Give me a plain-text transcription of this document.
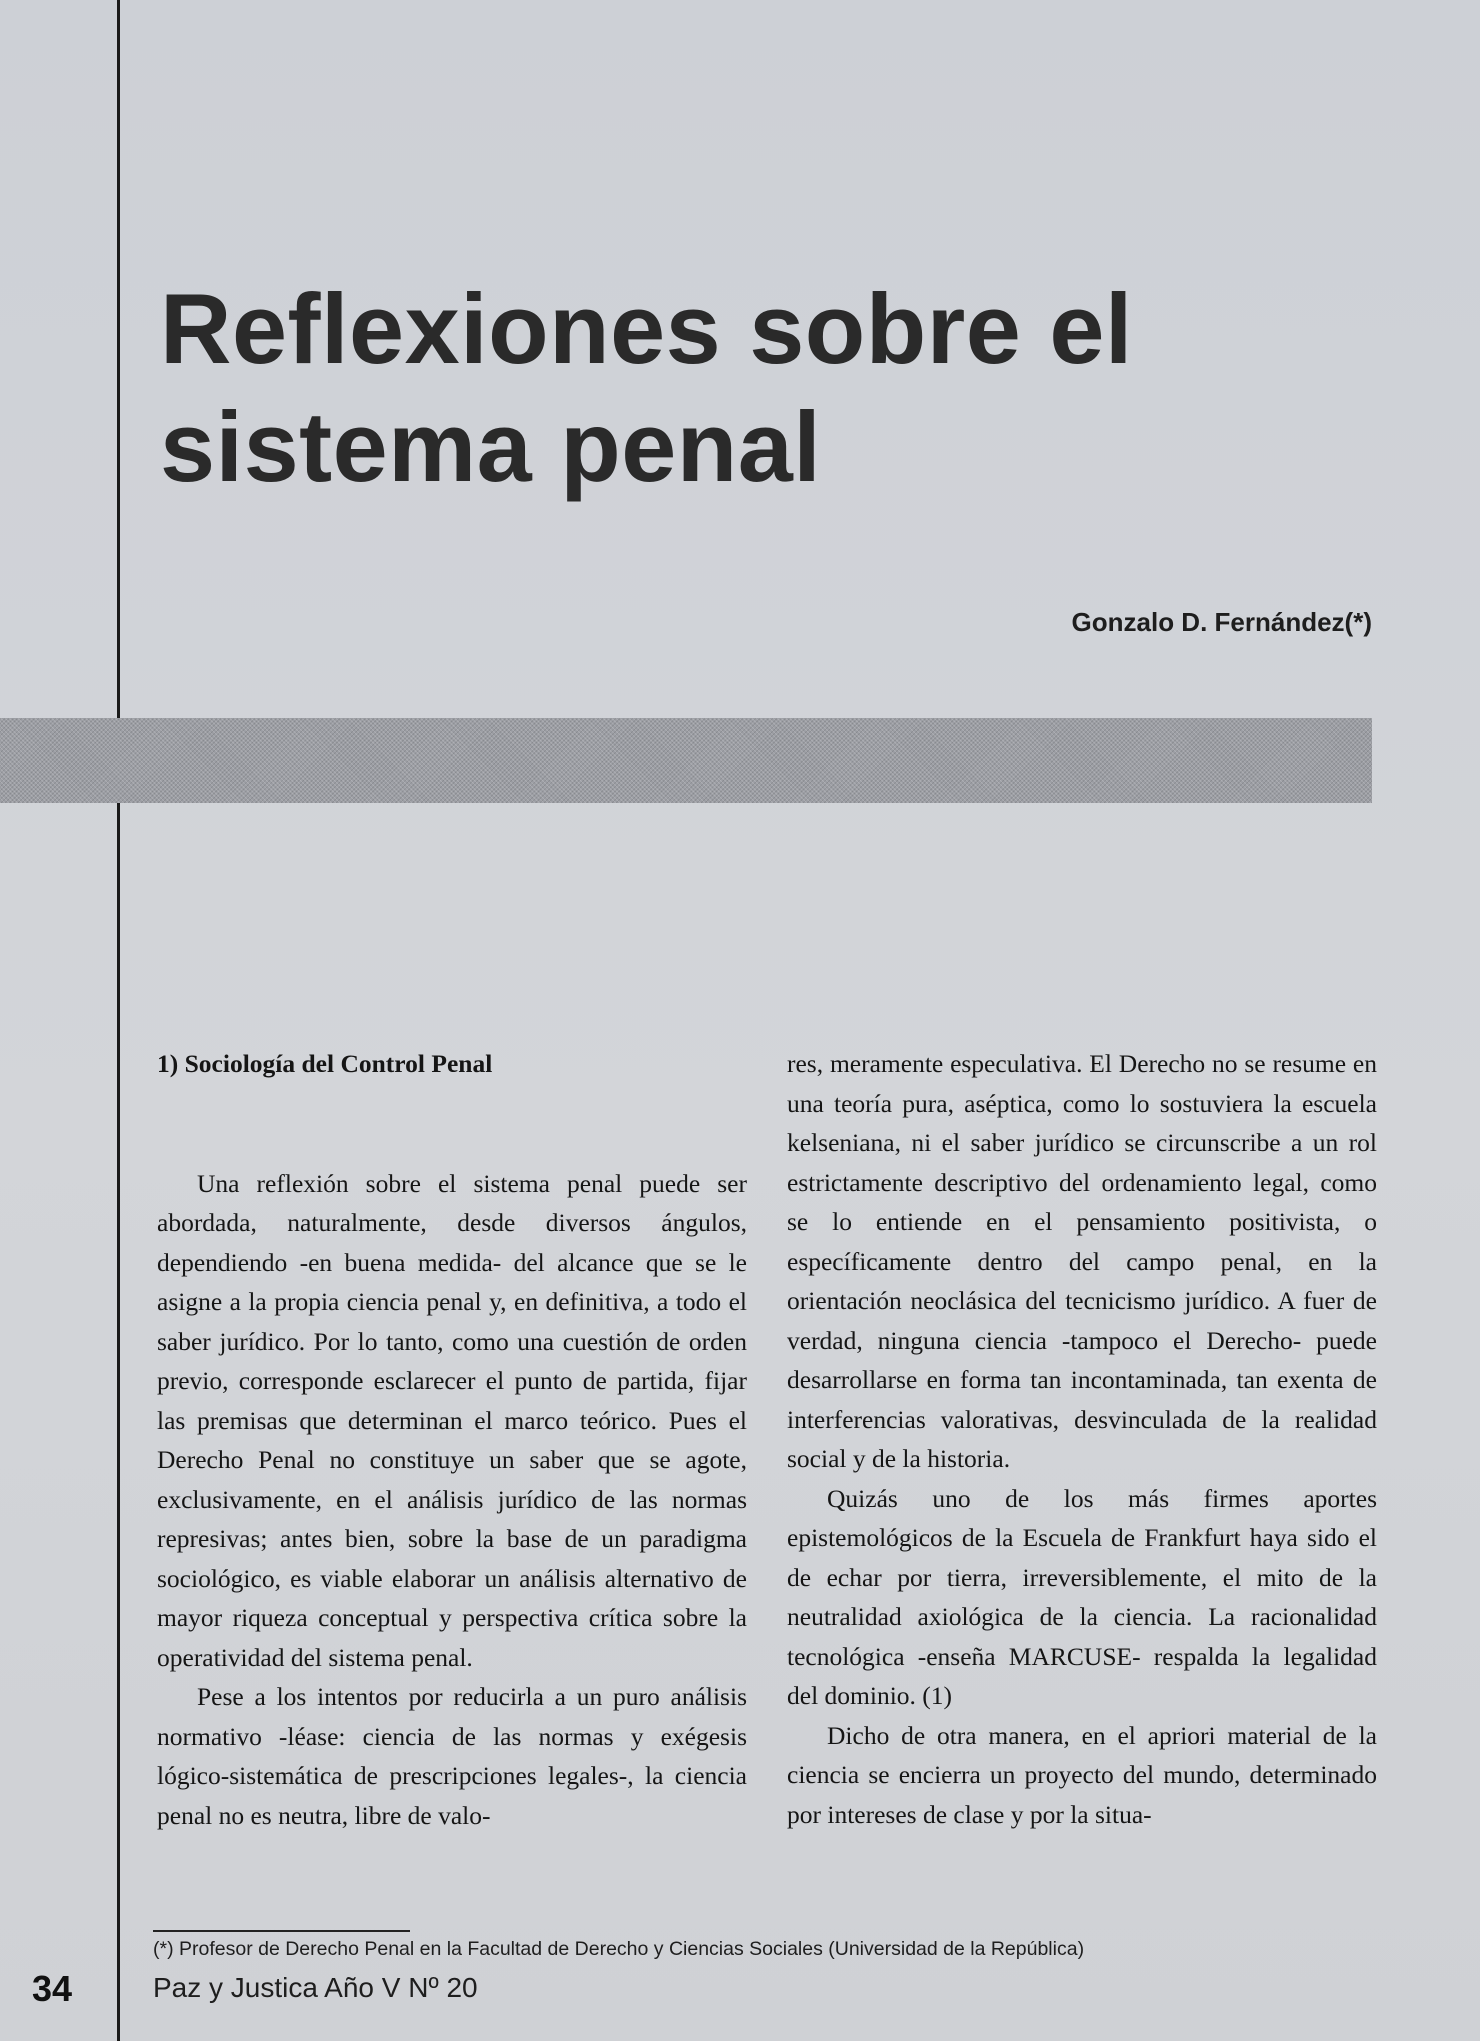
Reflexiones sobre el
sistema penal
Gonzalo D. Fernández(*)
1) Sociología del Control Penal

Una reflexión sobre el sistema penal puede ser abordada, naturalmente, desde diversos ángulos, dependiendo -en buena medida- del alcance que se le asigne a la propia ciencia penal y, en definitiva, a todo el saber jurídico. Por lo tanto, como una cuestión de orden previo, corresponde esclarecer el punto de partida, fijar las premisas que determinan el marco teórico. Pues el Derecho Penal no constituye un saber que se agote, exclusivamente, en el análisis jurídico de las normas represivas; antes bien, sobre la base de un paradigma sociológico, es viable elaborar un análisis alternativo de mayor riqueza conceptual y perspectiva crítica sobre la operatividad del sistema penal.

Pese a los intentos por reducirla a un puro análisis normativo -léase: ciencia de las normas y exégesis lógico-sistemática de prescripciones legales-, la ciencia penal no es neutra, libre de valo-

res, meramente especulativa. El Derecho no se resume en una teoría pura, aséptica, como lo sostuviera la escuela kelseniana, ni el saber jurídico se circunscribe a un rol estrictamente descriptivo del ordenamiento legal, como se lo entiende en el pensamiento positivista, o específicamente dentro del campo penal, en la orientación neoclásica del tecnicismo jurídico. A fuer de verdad, ninguna ciencia -tampoco el Derecho- puede desarrollarse en forma tan incontaminada, tan exenta de interferencias valorativas, desvinculada de la realidad social y de la historia.

Quizás uno de los más firmes aportes epistemológicos de la Escuela de Frankfurt haya sido el de echar por tierra, irreversiblemente, el mito de la neutralidad axiológica de la ciencia. La racionalidad tecnológica -enseña MARCUSE- respalda la legalidad del dominio. (1)

Dicho de otra manera, en el apriori material de la ciencia se encierra un proyecto del mundo, determinado por intereses de clase y por la situa-

(*) Profesor de Derecho Penal en la Facultad de Derecho y Ciencias Sociales (Universidad de la República)
34	Paz y Justica Año V Nº 20
